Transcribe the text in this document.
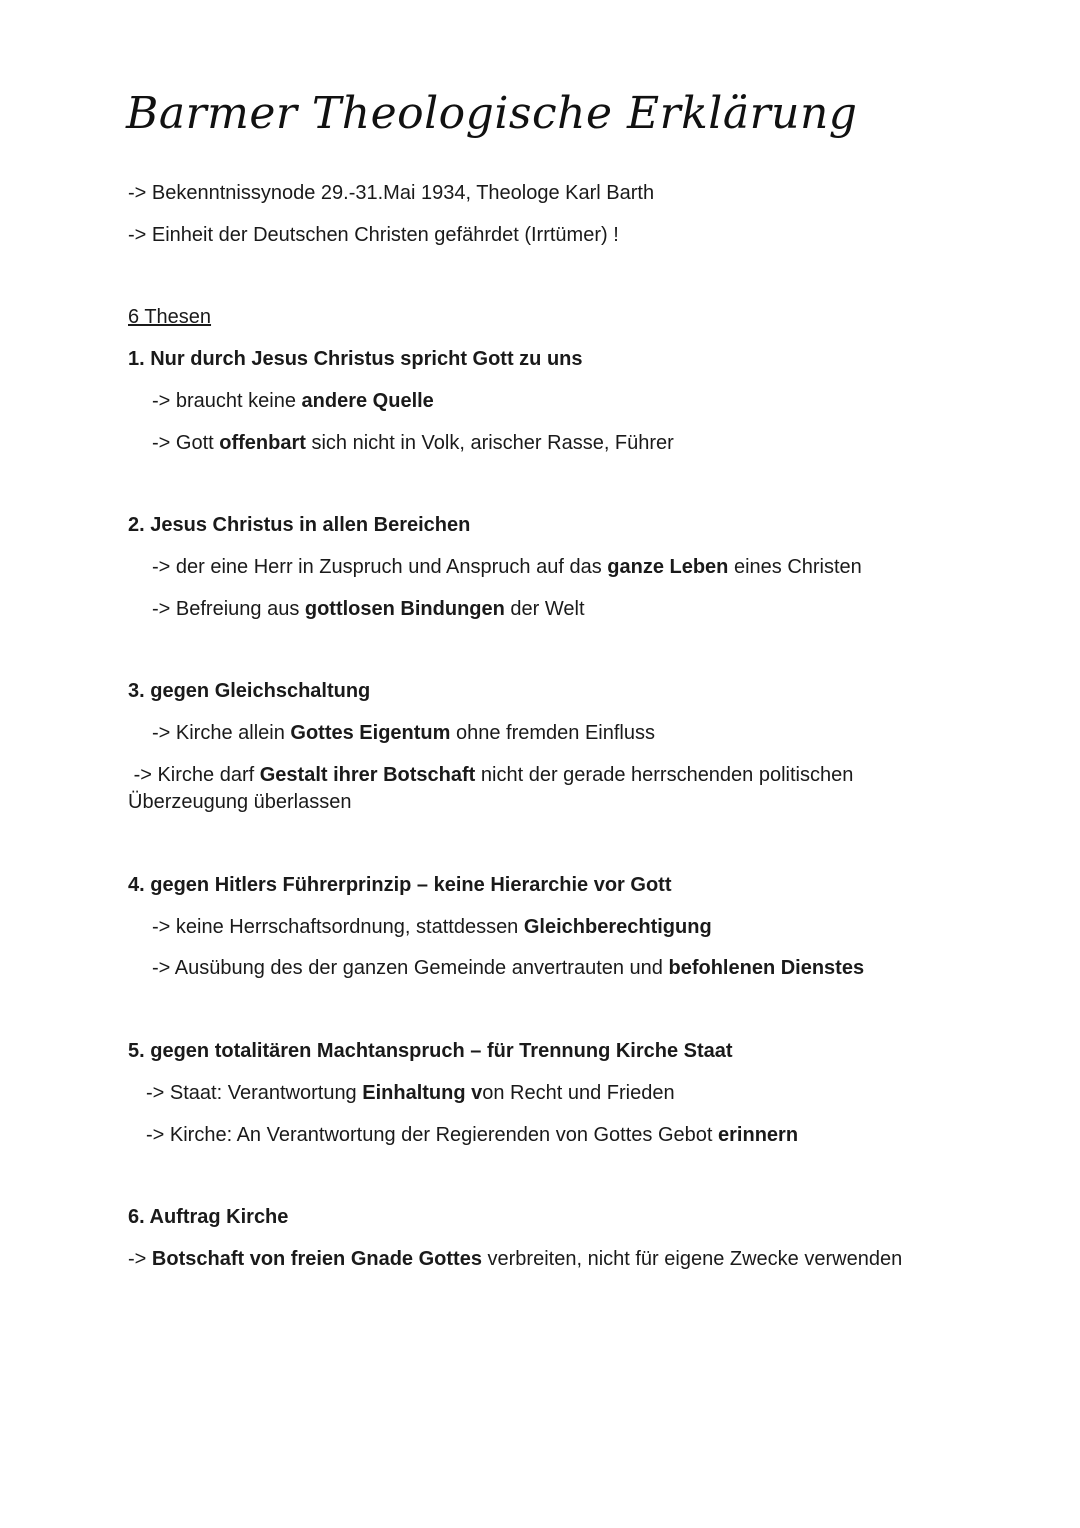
Barmer Theologische Erklärung
-> Bekenntnissynode 29.-31.Mai 1934, Theologe Karl Barth
-> Einheit der Deutschen Christen gefährdet (Irrtümer) !
6 Thesen
1. Nur durch Jesus Christus spricht Gott zu uns
-> braucht keine andere Quelle
-> Gott offenbart sich nicht in Volk, arischer Rasse, Führer
2. Jesus Christus in allen Bereichen
-> der eine Herr in Zuspruch und Anspruch auf das ganze Leben eines Christen
-> Befreiung aus gottlosen Bindungen der Welt
3. gegen Gleichschaltung
-> Kirche allein Gottes Eigentum ohne fremden Einfluss
-> Kirche darf Gestalt ihrer Botschaft nicht der gerade herrschenden politischen Überzeugung überlassen
4. gegen Hitlers Führerprinzip – keine Hierarchie vor Gott
-> keine Herrschaftsordnung, stattdessen Gleichberechtigung
-> Ausübung des der ganzen Gemeinde anvertrauten und befohlenen Dienstes
5. gegen totalitären Machtanspruch – für Trennung Kirche Staat
-> Staat: Verantwortung Einhaltung von Recht und Frieden
-> Kirche: An Verantwortung der Regierenden von Gottes Gebot erinnern
6. Auftrag Kirche
-> Botschaft von freien Gnade Gottes verbreiten, nicht für eigene Zwecke verwenden
